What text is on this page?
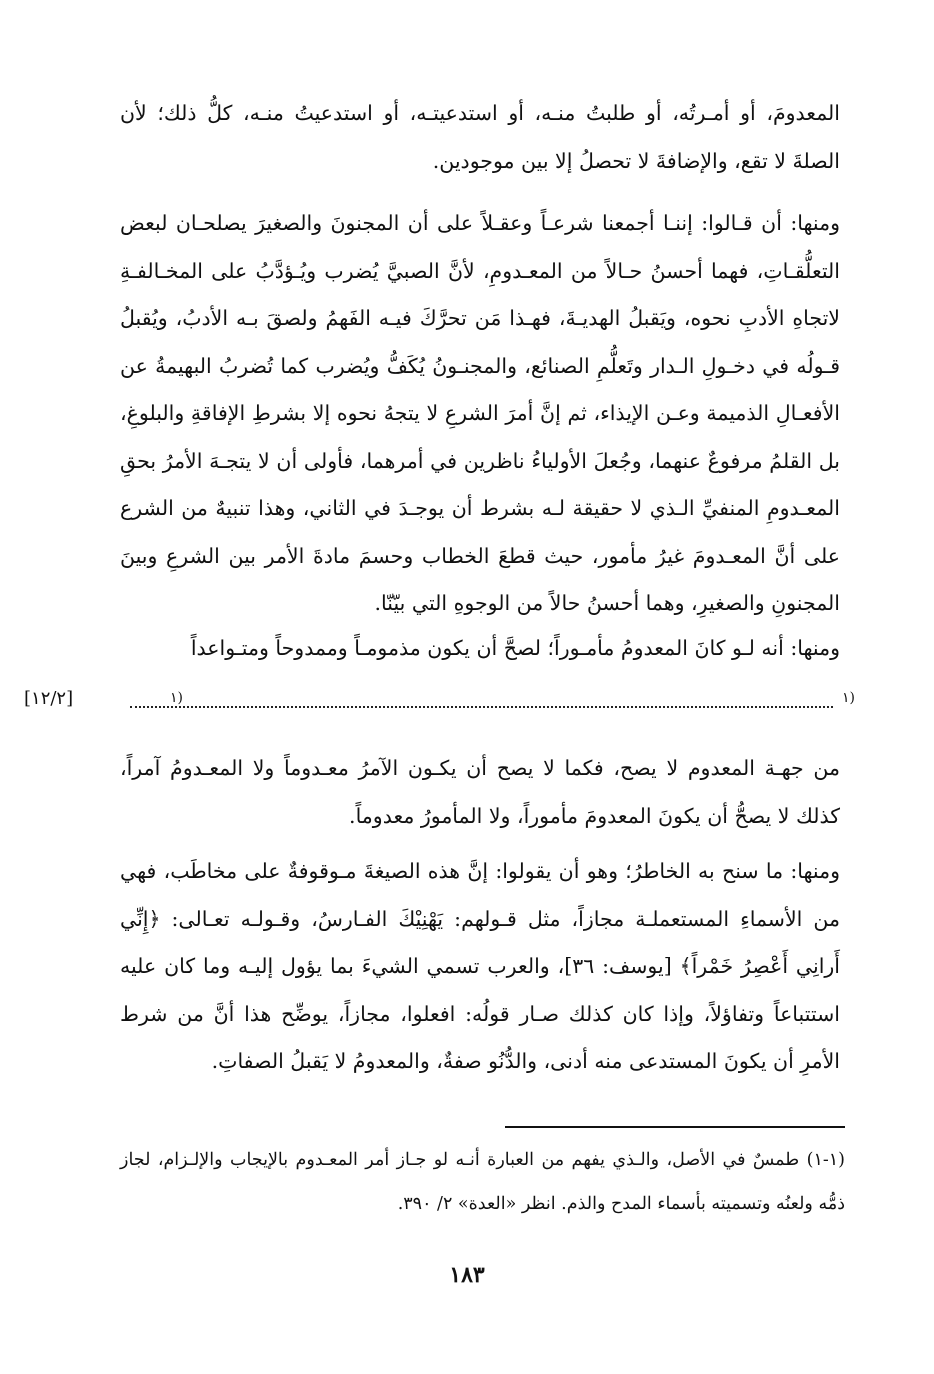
المعدومَ، أو أمـرتُه، أو طلبتُ منـه، أو استدعيتـه، أو استدعيتُ منـه، كلُّ ذلك؛ لأن الصلةَ لا تقع، والإضافةَ لا تحصلُ إلا بين موجودين.

ومنها: أن قـالوا: إننـا أجمعنا شرعـاً وعقـلاً على أن المجنونَ والصغيرَ يصلحـان لبعض التعلُّقـاتِ، فهما أحسنُ حـالاً من المعـدومِ، لأنَّ الصبيَّ يُضرب ويُـؤدَّبُ على المخـالفـةِ لاتجاهِ الأدبِ نحوه، ويَقبلُ الهديـةَ، فهـذا مَن تحرَّكَ فيـه الفَهمُ ولصقَ بـه الأدبُ، ويُقبلُ قـولُه في دخـولِ الـدار وتَعلُّمِ الصنائع، والمجنـونُ يُكَفُّ ويُضرب كما تُضربُ البهيمةُ عن الأفعـالِ الذميمة وعـن الإيذاء، ثم إنَّ أمرَ الشرعِ لا يتجهُ نحوه إلا بشرطِ الإفاقةِ والبلوغِ، بل القلمُ مرفوعٌ عنهما، وجُعلَ الأولياءُ ناظرين في أمرهما، فأولى أن لا يتجـهَ الأمرُ بحقِ المعـدومِ المنفيِّ الـذي لا حقيقة لـه بشرط أن يوجـدَ في الثاني، وهذا تنبيهٌ من الشرع على أنَّ المعـدومَ غيرُ مأمور، حيث قطعَ الخطاب وحسمَ مادةَ الأمر بين الشرعِ وبينَ المجنونِ والصغيرِ، وهما أحسنُ حالاً من الوجوهِ التي بيّنّا.

ومنها: أنه لـو كانَ المعدومُ مأمـوراً؛ لصحَّ أن يكون مذمومـاً وممدوحاً ومتـواعداً

(١
(١
[١٢/٢]

من جهـة المعدوم لا يصح، فكما لا يصح أن يكـون الآمرُ معـدوماً ولا المعـدومُ آمراً، كذلك لا يصحُّ أن يكونَ المعدومَ مأموراً، ولا المأمورُ معدوماً.

ومنها: ما سنح به الخاطرُ؛ وهو أن يقولوا: إنَّ هذه الصيغةَ مـوقوفةٌ على مخاطَب، فهي من الأسماءِ المستعملـة مجازاً، مثل قـولهم: يَهْنِيْكَ الفـارسُ، وقـولـه تعـالى: ﴿إِنِّي أَرانِي أَعْصِرُ خَمْراً﴾ [يوسف: ٣٦]، والعرب تسمي الشيءَ بما يؤول إليـه وما كان عليه استتباعاً وتفاؤلاً، وإذا كان كذلك صـار قولُه: افعلوا، مجازاً، يوضِّح هذا أنَّ من شرط الأمرِ أن يكونَ المستدعى منه أدنى، والدُّنُو صفةٌ، والمعدومُ لا يَقبلُ الصفاتِ.

(١-١) طمسٌ في الأصل، والـذي يفهم من العبارة أنـه لو جـاز أمر المعـدوم بالإيجاب والإلـزام، لجاز ذمُّه ولعنُه وتسميته بأسماء المدح والذم. انظر «العدة» ٢/ ٣٩٠.

١٨٣
